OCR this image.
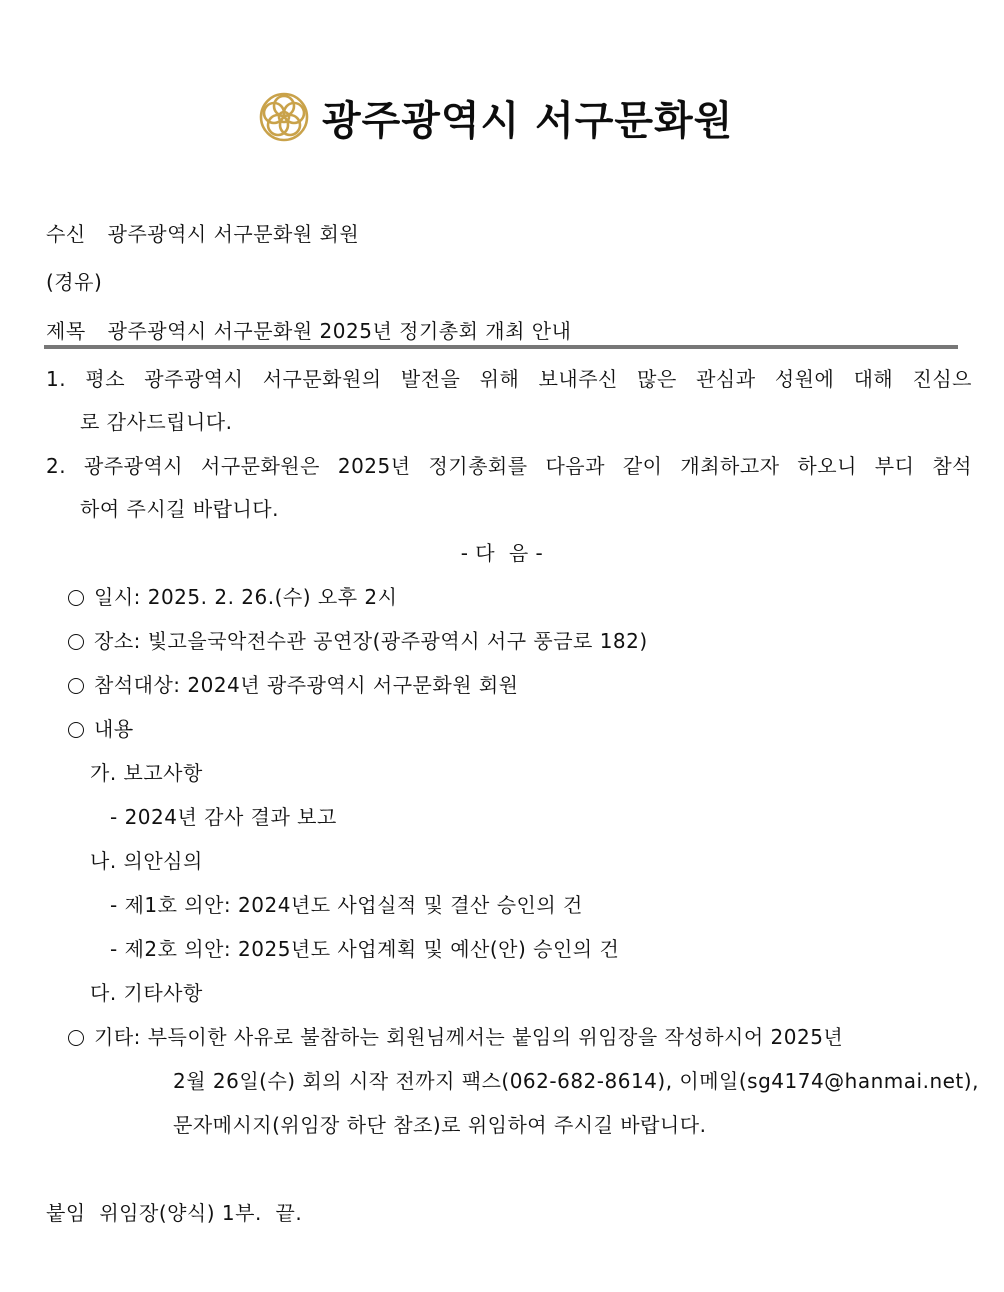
광주광역시 서구문화원
수신 광주광역시 서구문화원 회원
(경유)
제목 광주광역시 서구문화원 2025년 정기총회 개최 안내
1. 평소 광주광역시 서구문화원의 발전을 위해 보내주신 많은 관심과 성원에 대해 진심으
로 감사드립니다.
2. 광주광역시 서구문화원은 2025년 정기총회를 다음과 같이 개최하고자 하오니 부디 참석
하여 주시길 바랍니다.
- 다  음 -
일시: 2025. 2. 26.(수) 오후 2시
장소: 빛고을국악전수관 공연장(광주광역시 서구 풍금로 182)
참석대상: 2024년 광주광역시 서구문화원 회원
내용
가. 보고사항
- 2024년 감사 결과 보고
나. 의안심의
- 제1호 의안: 2024년도 사업실적 및 결산 승인의 건
- 제2호 의안: 2025년도 사업계획 및 예산(안) 승인의 건
다. 기타사항
기타: 부득이한 사유로 불참하는 회원님께서는 붙임의 위임장을 작성하시어 2025년
2월 26일(수) 회의 시작 전까지 팩스(062-682-8614), 이메일(sg4174@hanmai.net),
문자메시지(위임장 하단 참조)로 위임하여 주시길 바랍니다.
붙임  위임장(양식) 1부.  끝.
